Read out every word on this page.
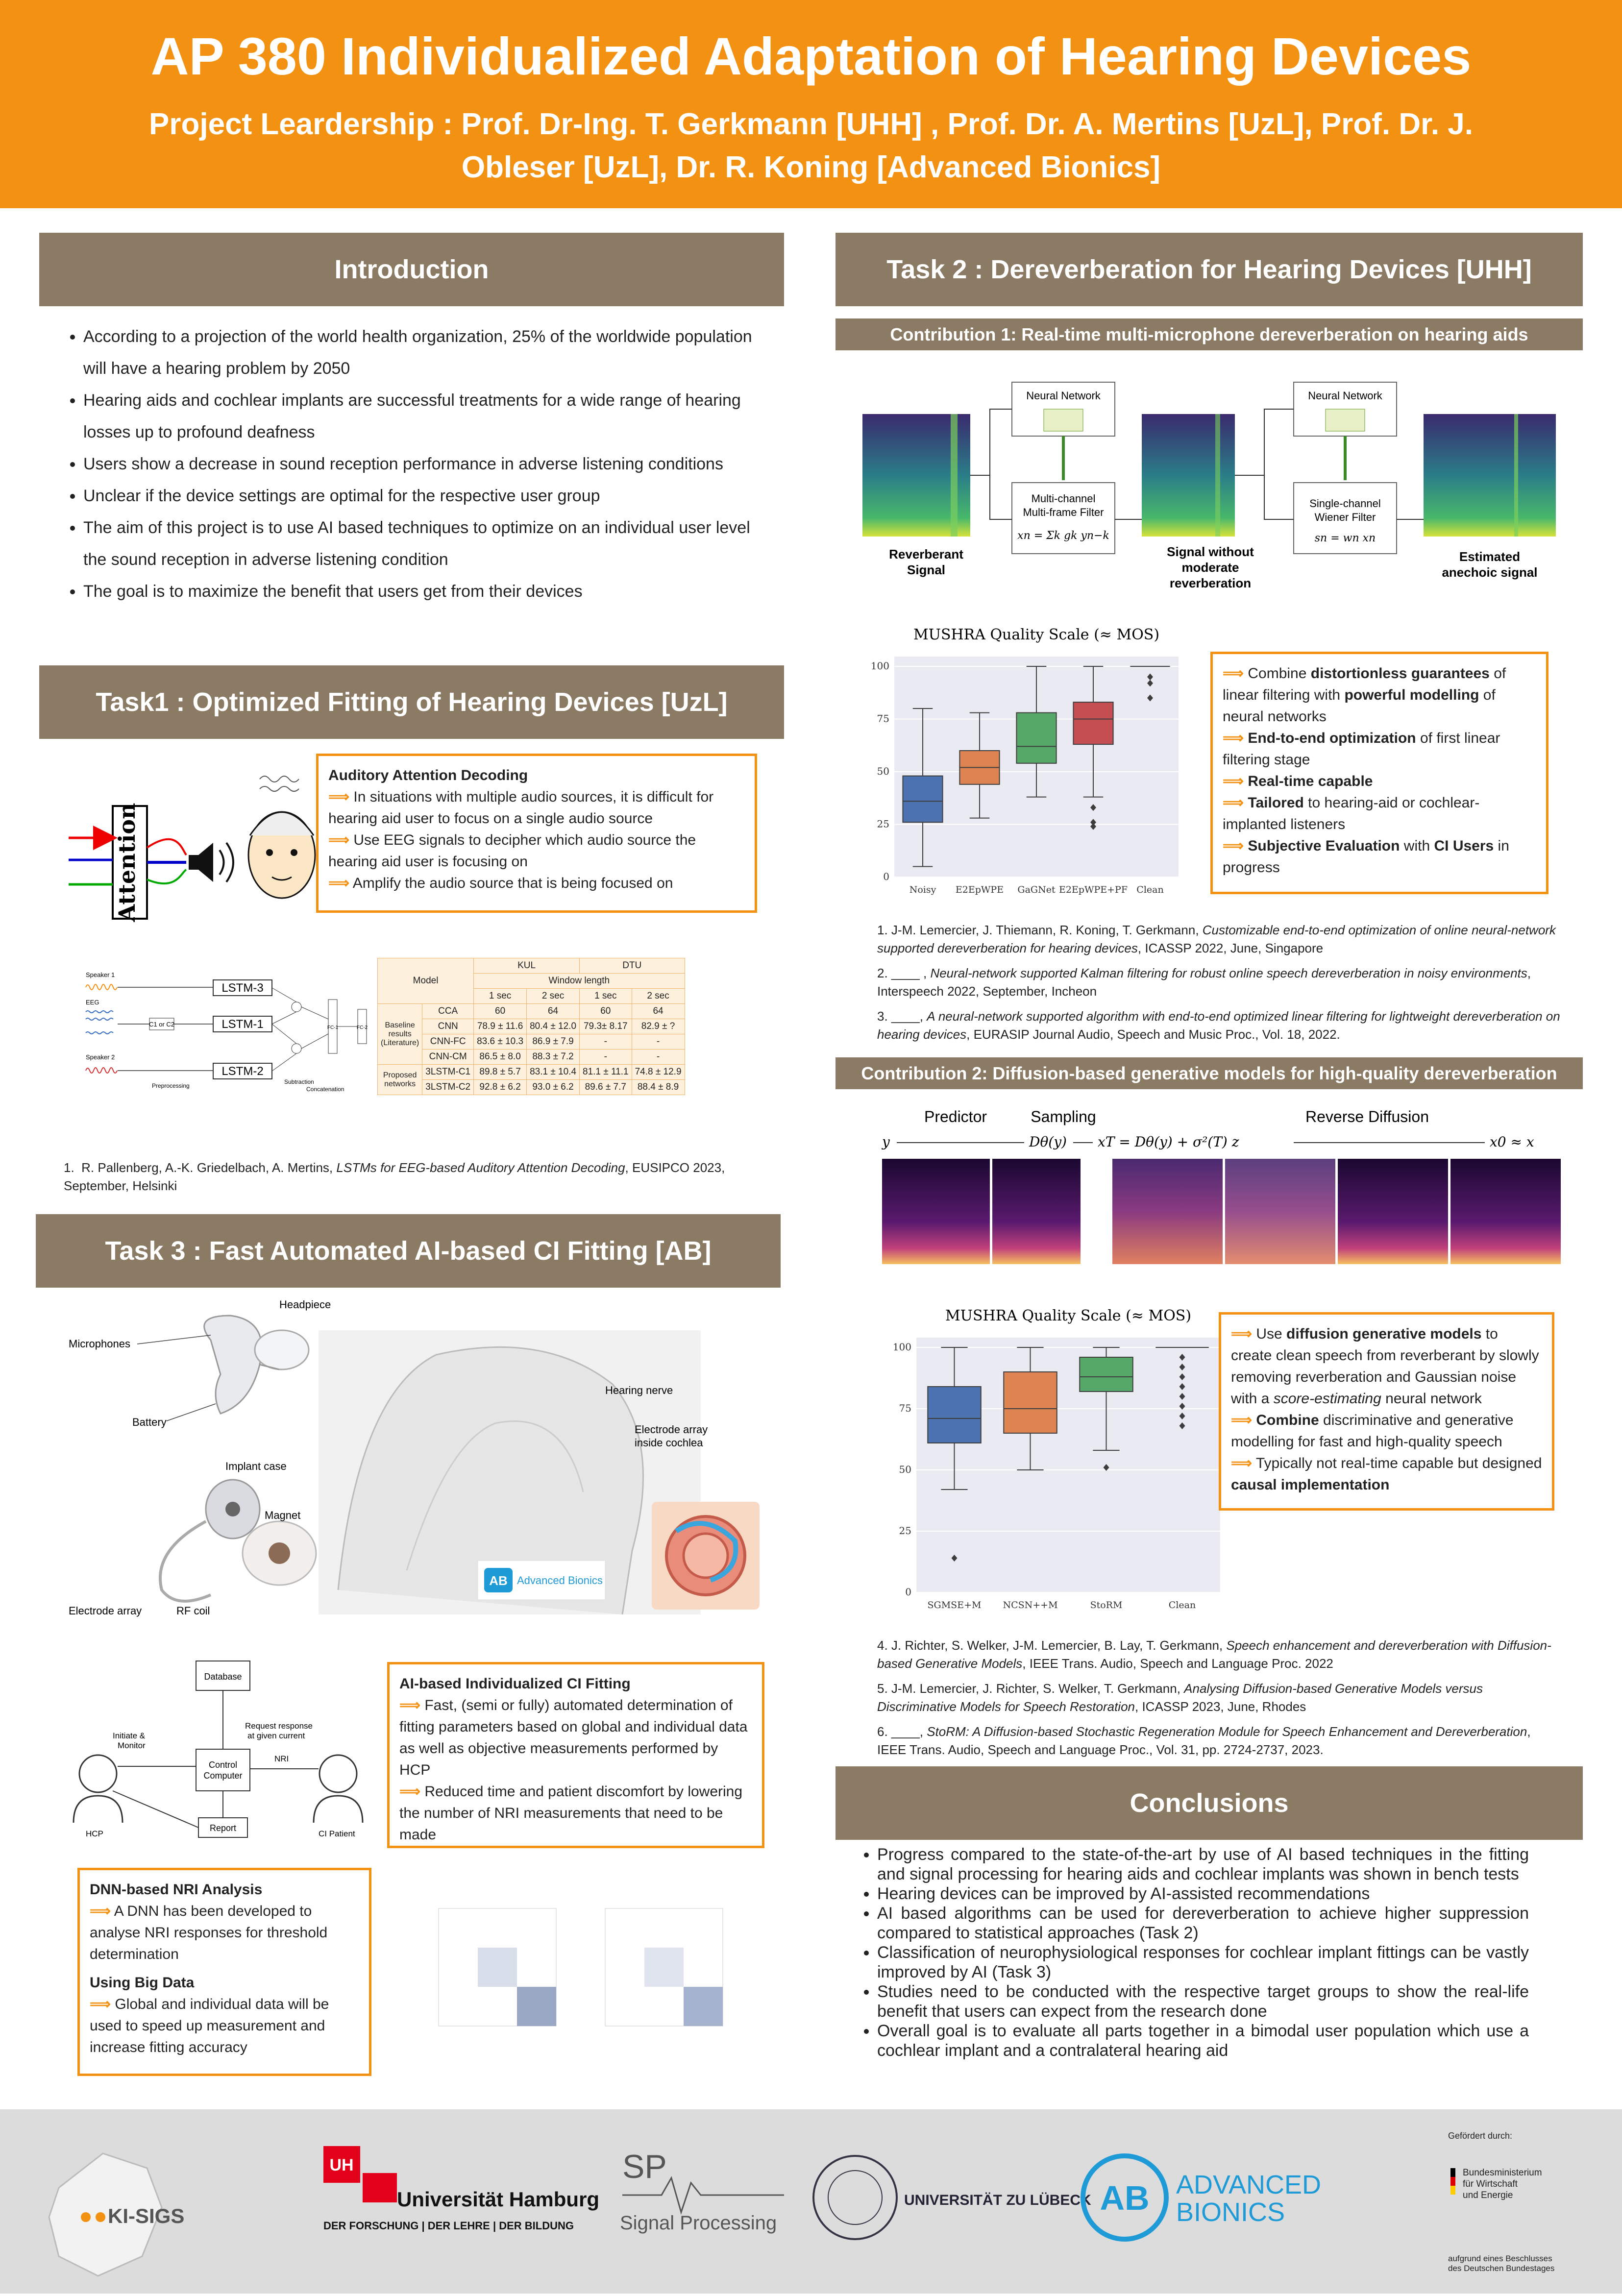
AP 380 Individualized Adaptation of Hearing Devices
Project Leardership : Prof. Dr-Ing. T. Gerkmann [UHH] , Prof. Dr. A. Mertins [UzL], Prof. Dr. J. Obleser [UzL], Dr. R. Koning [Advanced Bionics]
Introduction
• According to a projection of the world health organization, 25% of the worldwide population will have a hearing problem by 2050
• Hearing aids and cochlear implants are successful treatments for a wide range of hearing losses up to profound deafness
• Users show a decrease in sound reception performance in adverse listening conditions
• Unclear if the device settings are optimal for the respective user group
• The aim of this project is to use AI based techniques to optimize on an individual user level the sound reception in adverse listening condition
• The goal is to maximize the benefit that users get from their devices
Task1 : Optimized Fitting of Hearing Devices [UzL]
Attention
Auditory Attention Decoding
⟹ In situations with multiple audio sources, it is difficult for hearing aid user to focus on a single audio source
⟹ Use EEG signals to decipher which audio source the hearing aid user is focusing on
⟹ Amplify the audio source that is being focused on
Speaker 1
EEG
Speaker 2
C1 or C2
Preprocessing
LSTM-3
LSTM-1
LSTM-2
FC-1	FC-2
Subtraction
Concatenation
Model		KUL		DTU	
		Window length			
		1 sec	2 sec	1 sec	2 sec
Baseline results (Literature)	CCA	60	64	60	64
	CNN	78.9 ± 11.6	80.4 ± 12.0	79.3± 8.17	82.9 ± ?
	CNN-FC	83.6 ± 10.3	86.9 ± 7.9	-	-
	CNN-CM	86.5 ± 8.0	88.3 ± 7.2	-	-
Proposed networks	3LSTM-C1	89.8 ± 5.7	83.1 ± 10.4	81.1 ± 11.1	74.8 ± 12.9
	3LSTM-C2	92.8 ± 6.2	93.0 ± 6.2	89.6 ± 7.7	88.4 ± 8.9
1. R. Pallenberg, A.-K. Griedelbach, A. Mertins, LSTMs for EEG-based Auditory Attention Decoding, EUSIPCO 2023, September, Helsinki
Task 3 : Fast Automated AI-based CI Fitting [AB]
Headpiece
Microphones
Battery
Implant case
Magnet
Electrode array	RF coil
Hearing nerve
Electrode array
inside cochlea
AB Advanced Bionics
Database
Control
Computer
Report
Initiate &
Monitor
Request response
at given current
NRI
HCP	CI Patient
AI-based Individualized CI Fitting
⟹ Fast, (semi or fully) automated determination of fitting parameters based on global and individual data as well as objective measurements performed by HCP
⟹ Reduced time and patient discomfort by lowering the number of NRI measurements that need to be made
DNN-based NRI Analysis
⟹ A DNN has been developed to analyse NRI responses for threshold determination
Using Big Data
⟹ Global and individual data will be used to speed up measurement and increase fitting accuracy
Task 2 : Dereverberation for Hearing Devices [UHH]
Contribution 1: Real-time multi-microphone dereverberation on hearing aids
Neural Network
Multi-channel
Multi-frame Filter
xn = Σk gk yn−k
Neural Network
Single-channel
Wiener Filter
sn = wn xn
Reverberant
Signal
Signal without
moderate
reverberation
Estimated
anechoic signal
MUSHRA Quality Scale (≈ MOS)
0
25
50
75
100
Noisy E2EpWPE GaGNet E2EpWPE+PF Clean
⟹ Combine distortionless guarantees of linear filtering with powerful modelling of neural networks
⟹ End-to-end optimization of first linear filtering stage
⟹ Real-time capable
⟹ Tailored to hearing-aid or cochlear-implanted listeners
⟹ Subjective Evaluation with CI Users in progress
1. J-M. Lemercier, J. Thiemann, R. Koning, T. Gerkmann, Customizable end-to-end optimization of online neural-network supported dereverberation for hearing devices, ICASSP 2022, June, Singapore
2. ____ , Neural-network supported Kalman filtering for robust online speech dereverberation in noisy environments, Interspeech 2022, September, Incheon
3. ____, A neural-network supported algorithm with end-to-end optimized linear filtering for lightweight dereverberation on hearing devices, EURASIP Journal Audio, Speech and Music Proc., Vol. 18, 2022.
Contribution 2: Diffusion-based generative models for high-quality dereverberation
Predictor	Sampling	Reverse Diffusion
y	Dθ(y) xT = Dθ(y) + σ²(T) z	x0 ≈ x
MUSHRA Quality Scale (≈ MOS)
0
25
50
75
100
SGMSE+M NCSN++M	StoRM	Clean
⟹ Use diffusion generative models to create clean speech from reverberant by slowly removing reverberation and Gaussian noise with a score-estimating neural network
⟹ Combine discriminative and generative modelling for fast and high-quality speech
⟹ Typically not real-time capable but designed causal implementation
4. J. Richter, S. Welker, J-M. Lemercier, B. Lay, T. Gerkmann, Speech enhancement and dereverberation with Diffusion-based Generative Models, IEEE Trans. Audio, Speech and Language Proc. 2022
5. J-M. Lemercier, J. Richter, S. Welker, T. Gerkmann, Analysing Diffusion-based Generative Models versus Discriminative Models for Speech Restoration, ICASSP 2023, June, Rhodes
6. ____, StoRM: A Diffusion-based Stochastic Regeneration Module for Speech Enhancement and Dereverberation, IEEE Trans. Audio, Speech and Language Proc., Vol. 31, pp. 2724-2737, 2023.
Conclusions
• Progress compared to the state-of-the-art by use of AI based techniques in the fitting and signal processing for hearing aids and cochlear implants was shown in bench tests
• Hearing devices can be improved by AI-assisted recommendations
• AI based algorithms can be used for dereverberation to achieve higher suppression compared to statistical approaches (Task 2)
• Classification of neurophysiological responses for cochlear implant fittings can be vastly improved by AI (Task 3)
• Studies need to be conducted with the respective target groups to show the real-life benefit that users can expect from the research done
• Overall goal is to evaluate all parts together in a bimodal user population which use a cochlear implant and a contralateral hearing aid
KI-SIGS
UH
Universität Hamburg
DER FORSCHUNG | DER LEHRE | DER BILDUNG
SP
Signal Processing
UNIVERSITÄT ZU LÜBECK AB ADVANCED
BIONICS
Gefördert durch:
Bundesministerium
für Wirtschaft
und Energie
aufgrund eines Beschlusses
des Deutschen Bundestages
